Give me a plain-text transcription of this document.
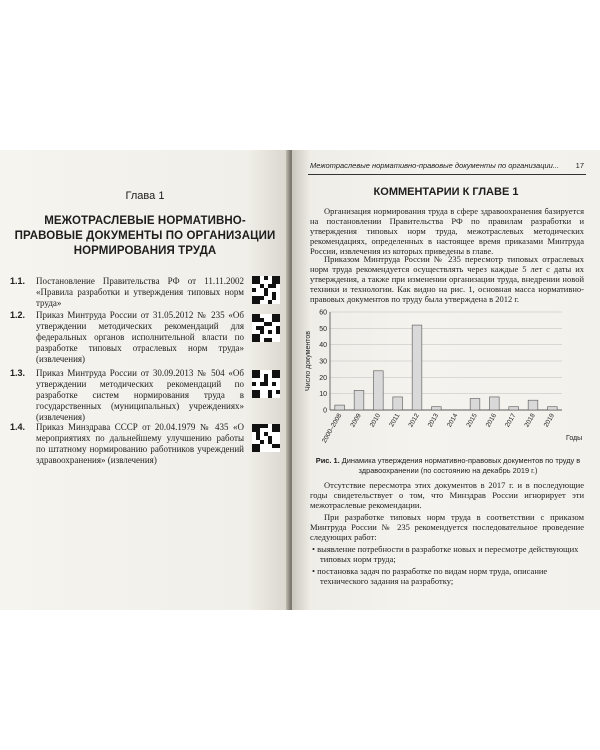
Глава 1
МЕЖОТРАСЛЕВЫЕ НОРМАТИВНО-ПРАВОВЫЕ ДОКУМЕНТЫ ПО ОРГАНИЗАЦИИ НОРМИРОВАНИЯ ТРУДА
1.1.	Постановление Правительства РФ от 11.11.2002 «Правила разработки и утверждения типовых норм труда»
1.2.	Приказ Минтруда России от 31.05.2012 № 235 «Об утверждении методических рекомендаций для федеральных органов исполнительной власти по разработке типовых отраслевых норм труда» (извлечения)
1.3.	Приказ Минтруда России от 30.09.2013 № 504 «Об утверждении методических рекомендаций по разработке систем нормирования труда в государственных (муниципальных) учреждениях» (извлечения)
1.4.	Приказ Минздрава СССР от 20.04.1979 № 435 «О мероприятиях по дальнейшему улучшению работы по штатному нормированию работников учреждений здравоохранения» (извлечения)
Межотраслевые нормативно-правовые документы по организации...	17
КОММЕНТАРИИ К ГЛАВЕ 1

Организация нормирования труда в сфере здравоохранения базируется на постановлении Правительства РФ по правилам разработки и утверждения типовых норм труда, межотраслевых методических рекомендациях, определенных в настоящее время приказами Минтруда России, извлечения из которых приведены в главе.

Приказом Минтруда России № 235 пересмотр типовых отраслевых норм труда рекомендуется осуществлять через каждые 5 лет с даты их утверждения, а также при изменении организации труда, внедрении новой техники и технологии. Как видно на рис. 1, основная масса нормативно-правовых документов по труду была утверждена в 2012 г.

0
10
20
30
40
50
60
2000–2008 2009 2010 2011 2012 2013 2014 2015 2016 2017 2018 2019
Число документов
Годы
Рис. 1. Динамика утверждения нормативно-правовых документов по труду в здравоохранении (по состоянию на декабрь 2019 г.)

Отсутствие пересмотра этих документов в 2017 г. и в последующие годы свидетельствует о том, что Минздрав России игнорирует эти межотраслевые рекомендации.

При разработке типовых норм труда в соответствии с приказом Минтруда России № 235 рекомендуется последовательное проведение следующих работ:

• выявление потребности в разработке новых и пересмотре действующих типовых норм труда;

• постановка задач по разработке по видам норм труда, описание технического задания на разработку;
